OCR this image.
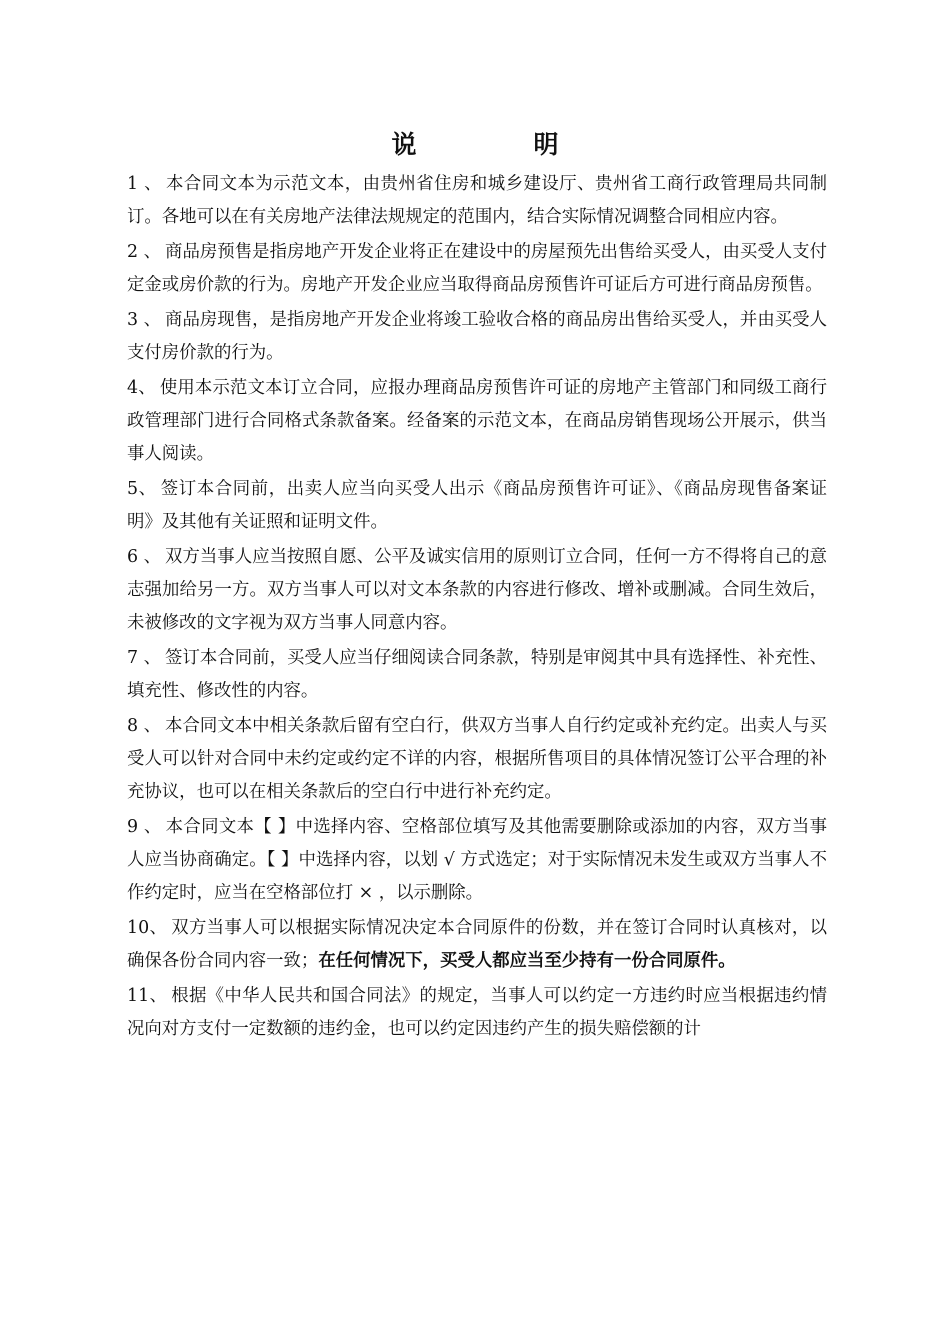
说　明

1 、 本合同文本为示范文本，由贵州省住房和城乡建设厅、贵州省工商行政管理局共同制订。各地可以在有关房地产法律法规规定的范围内，结合实际情况调整合同相应内容。

2 、 商品房预售是指房地产开发企业将正在建设中的房屋预先出售给买受人，由买受人支付定金或房价款的行为。房地产开发企业应当取得商品房预售许可证后方可进行商品房预售。

3 、 商品房现售，是指房地产开发企业将竣工验收合格的商品房出售给买受人，并由买受人支付房价款的行为。

4、 使用本示范文本订立合同，应报办理商品房预售许可证的房地产主管部门和同级工商行政管理部门进行合同格式条款备案。经备案的示范文本，在商品房销售现场公开展示，供当事人阅读。

5、 签订本合同前，出卖人应当向买受人出示《商品房预售许可证》、《商品房现售备案证明》及其他有关证照和证明文件。

6 、 双方当事人应当按照自愿、公平及诚实信用的原则订立合同，任何一方不得将自己的意志强加给另一方。双方当事人可以对文本条款的内容进行修改、增补或删减。合同生效后，未被修改的文字视为双方当事人同意内容。

7 、 签订本合同前，买受人应当仔细阅读合同条款，特别是审阅其中具有选择性、补充性、填充性、修改性的内容。

8 、 本合同文本中相关条款后留有空白行，供双方当事人自行约定或补充约定。出卖人与买受人可以针对合同中未约定或约定不详的内容，根据所售项目的具体情况签订公平合理的补充协议，也可以在相关条款后的空白行中进行补充约定。

9 、 本合同文本【 】中选择内容、空格部位填写及其他需要删除或添加的内容，双方当事人应当协商确定。【 】中选择内容，以划 √ 方式选定；对于实际情况未发生或双方当事人不作约定时，应当在空格部位打 × ，以示删除。

10、 双方当事人可以根据实际情况决定本合同原件的份数，并在签订合同时认真核对，以确保各份合同内容一致；在任何情况下，买受人都应当至少持有一份合同原件。

11、 根据《中华人民共和国合同法》的规定，当事人可以约定一方违约时应当根据违约情况向对方支付一定数额的违约金，也可以约定因违约产生的损失赔偿额的计
